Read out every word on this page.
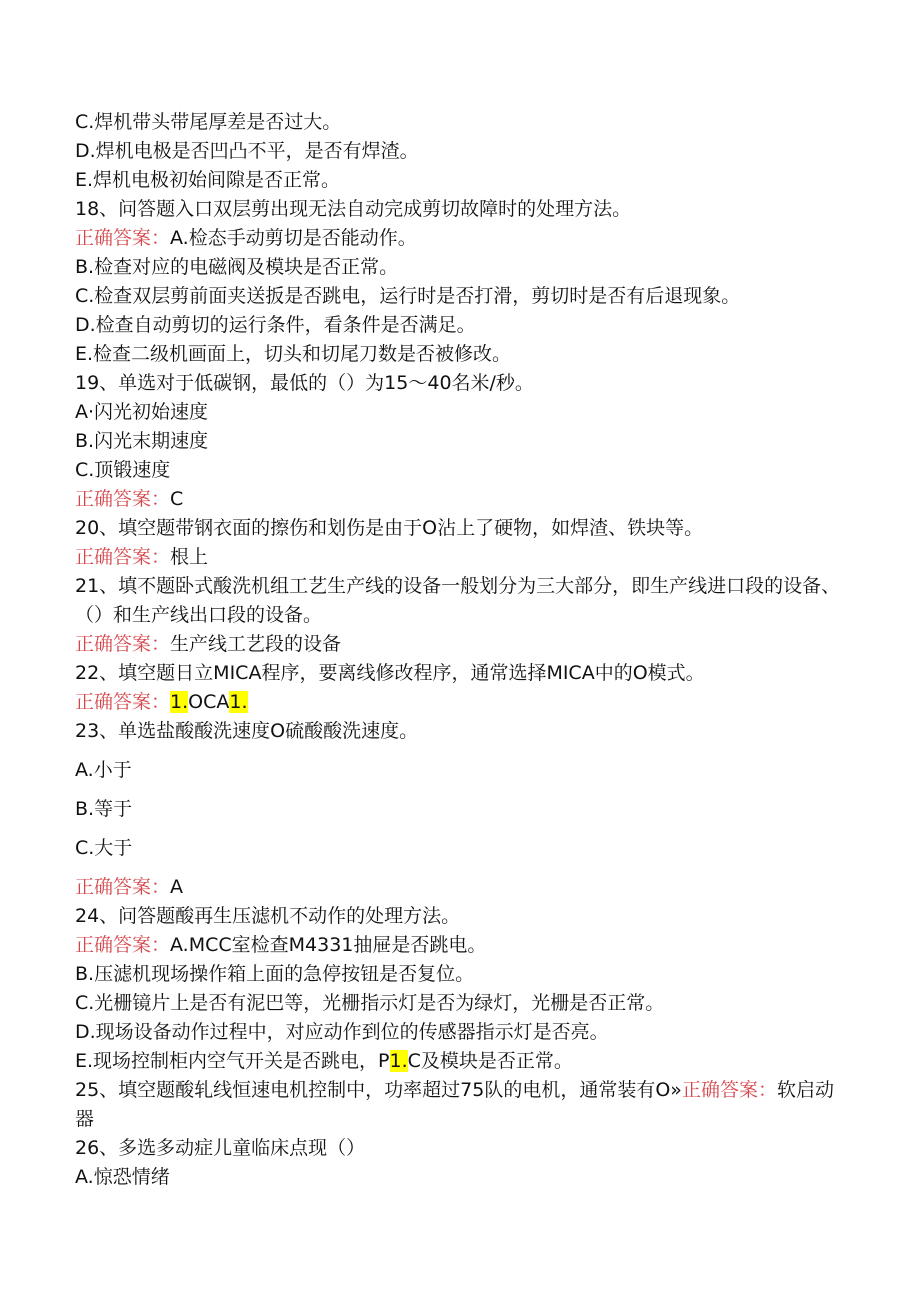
C.焊机带头带尾厚差是否过大。
D.焊机电极是否凹凸不平，是否有焊渣。
E.焊机电极初始间隙是否正常。
18、问答题入口双层剪出现无法自动完成剪切故障时的处理方法。
正确答案：A.检态手动剪切是否能动作。
B.检查对应的电磁阀及模块是否正常。
C.检查双层剪前面夹送扳是否跳电，运行时是否打滑，剪切时是否有后退现象。
D.检查自动剪切的运行条件，看条件是否满足。
E.检查二级机画面上，切头和切尾刀数是否被修改。
19、单选对于低碳钢，最低的（）为15～40名米/秒。
A·闪光初始速度
B.闪光末期速度
C.顶锻速度
正确答案：C
20、填空题带钢衣面的擦伤和划伤是由于O沾上了硬物，如焊渣、铁块等。
正确答案：根上
21、填不题卧式酸洗机组工艺生产线的设备一般划分为三大部分，即生产线进口段的设备、（）和生产线出口段的设备。
正确答案：生产线工艺段的设备
22、填空题日立MICA程序，要离线修改程序，通常选择MICA中的O模式。
正确答案：1.OCA1.
23、单选盐酸酸洗速度O硫酸酸洗速度。
A.小于
B.等于
C.大于
正确答案：A
24、问答题酸再生压滤机不动作的处理方法。
正确答案：A.MCC室检查M4331抽屉是否跳电。
B.压滤机现场操作箱上面的急停按钮是否复位。
C.光栅镜片上是否有泥巴等，光栅指示灯是否为绿灯，光栅是否正常。
D.现场设备动作过程中，对应动作到位的传感器指示灯是否亮。
E.现场控制柜内空气开关是否跳电，P1.C及模块是否正常。
25、填空题酸轧线恒速电机控制中，功率超过75队的电机，通常装有O»正确答案：软启动器
26、多选多动症儿童临床点现（）
A.惊恐情绪
